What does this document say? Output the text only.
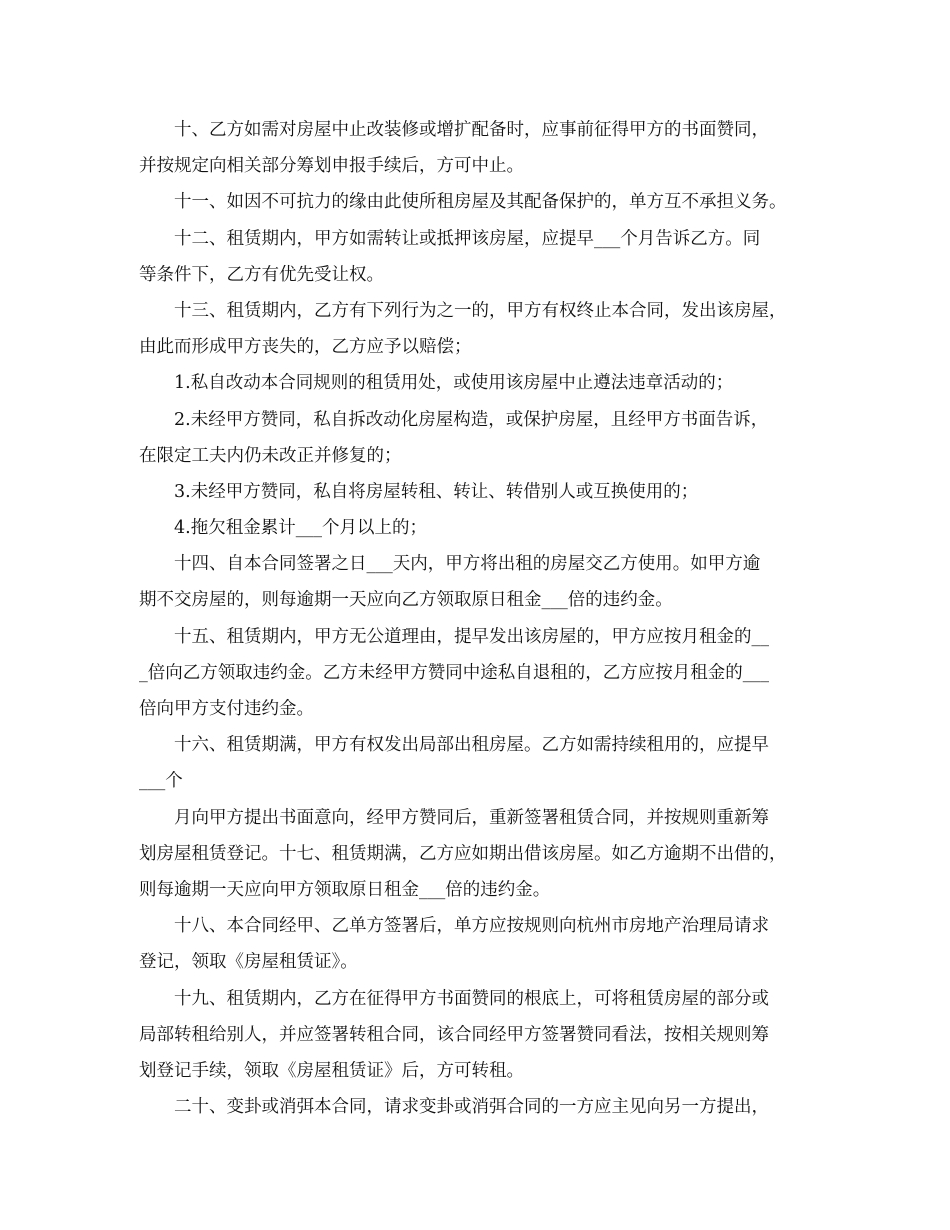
十、乙方如需对房屋中止改装修或增扩配备时，应事前征得甲方的书面赞同，
并按规定向相关部分筹划申报手续后，方可中止。
十一、如因不可抗力的缘由此使所租房屋及其配备保护的，单方互不承担义务。
十二、租赁期内，甲方如需转让或抵押该房屋，应提早___个月告诉乙方。同
等条件下，乙方有优先受让权。
十三、租赁期内，乙方有下列行为之一的，甲方有权终止本合同，发出该房屋，
由此而形成甲方丧失的，乙方应予以赔偿；
1.私自改动本合同规则的租赁用处，或使用该房屋中止遵法违章活动的；
2.未经甲方赞同，私自拆改动化房屋构造，或保护房屋，且经甲方书面告诉，
在限定工夫内仍未改正并修复的；
3.未经甲方赞同，私自将房屋转租、转让、转借别人或互换使用的；
4.拖欠租金累计___个月以上的；
十四、自本合同签署之日___天内，甲方将出租的房屋交乙方使用。如甲方逾
期不交房屋的，则每逾期一天应向乙方领取原日租金___倍的违约金。
十五、租赁期内，甲方无公道理由，提早发出该房屋的，甲方应按月租金的__
_倍向乙方领取违约金。乙方未经甲方赞同中途私自退租的，乙方应按月租金的___
倍向甲方支付违约金。
十六、租赁期满，甲方有权发出局部出租房屋。乙方如需持续租用的，应提早
___个
月向甲方提出书面意向，经甲方赞同后，重新签署租赁合同，并按规则重新筹
划房屋租赁登记。十七、租赁期满，乙方应如期出借该房屋。如乙方逾期不出借的，
则每逾期一天应向甲方领取原日租金___倍的违约金。
十八、本合同经甲、乙单方签署后，单方应按规则向杭州市房地产治理局请求
登记，领取《房屋租赁证》。
十九、租赁期内，乙方在征得甲方书面赞同的根底上，可将租赁房屋的部分或
局部转租给别人，并应签署转租合同，该合同经甲方签署赞同看法，按相关规则筹
划登记手续，领取《房屋租赁证》后，方可转租。
二十、变卦或消弭本合同，请求变卦或消弭合同的一方应主见向另一方提出，
